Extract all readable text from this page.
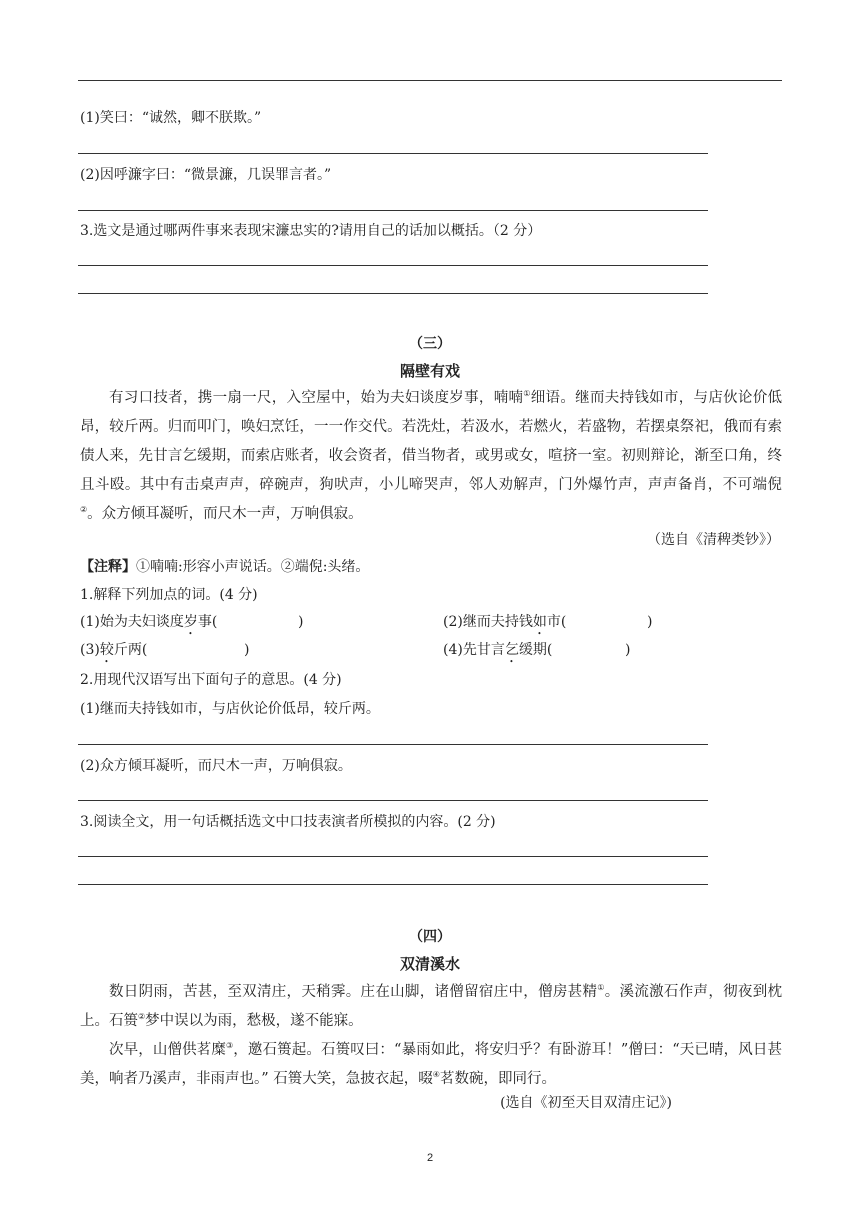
(1)笑曰：“诚然，卿不朕欺。”
(2)因呼濂字曰：“微景濂，几误罪言者。”
3.选文是通过哪两件事来表现宋濂忠实的?请用自己的话加以概括。（2 分）
（三）
隔壁有戏

有习口技者，携一扇一尺，入空屋中，始为夫妇谈度岁事，喃喃①细语。继而夫持钱如市，与店伙论价低昂，较斤两。归而叩门，唤妇烹饪，一一作交代。若洗灶，若汲水，若燃火，若盛物，若摆桌祭祀，俄而有索债人来，先甘言乞缓期，而索店账者，收会资者，借当物者，或男或女，喧挤一室。初则辩论，渐至口角，终且斗殴。其中有击桌声声，碎碗声，狗吠声，小儿啼哭声，邻人劝解声，门外爆竹声，声声备肖，不可端倪②。众方倾耳凝听，而尺木一声，万响俱寂。

（选自《清稗类钞》）
【注释】①喃喃:形容小声说话。②端倪:头绪。
1.解释下列加点的词。(4 分)
(1)始为夫妇谈度岁事(	)	(2)继而夫持钱如市(	)
(3)较斤两(	)	(4)先甘言乞缓期(	)
2.用现代汉语写出下面句子的意思。(4 分)
(1)继而夫持钱如市，与店伙论价低昂，较斤两。
(2)众方倾耳凝听，而尺木一声，万响俱寂。
3.阅读全文，用一句话概括选文中口技表演者所模拟的内容。(2 分)
（四）
双清溪水

数日阴雨，苦甚，至双清庄，天稍霁。庄在山脚，诸僧留宿庄中，僧房甚精①。溪流激石作声，彻夜到枕上。石篑②梦中误以为雨，愁极，遂不能寐。

次早，山僧供茗糜③，邀石篑起。石篑叹曰：“暴雨如此，将安归乎？有卧游耳！”僧曰：“天已晴，风日甚美，响者乃溪声，非雨声也。” 石篑大笑，急披衣起，啜④茗数碗，即同行。

(选自《初至天目双清庄记》)
2
